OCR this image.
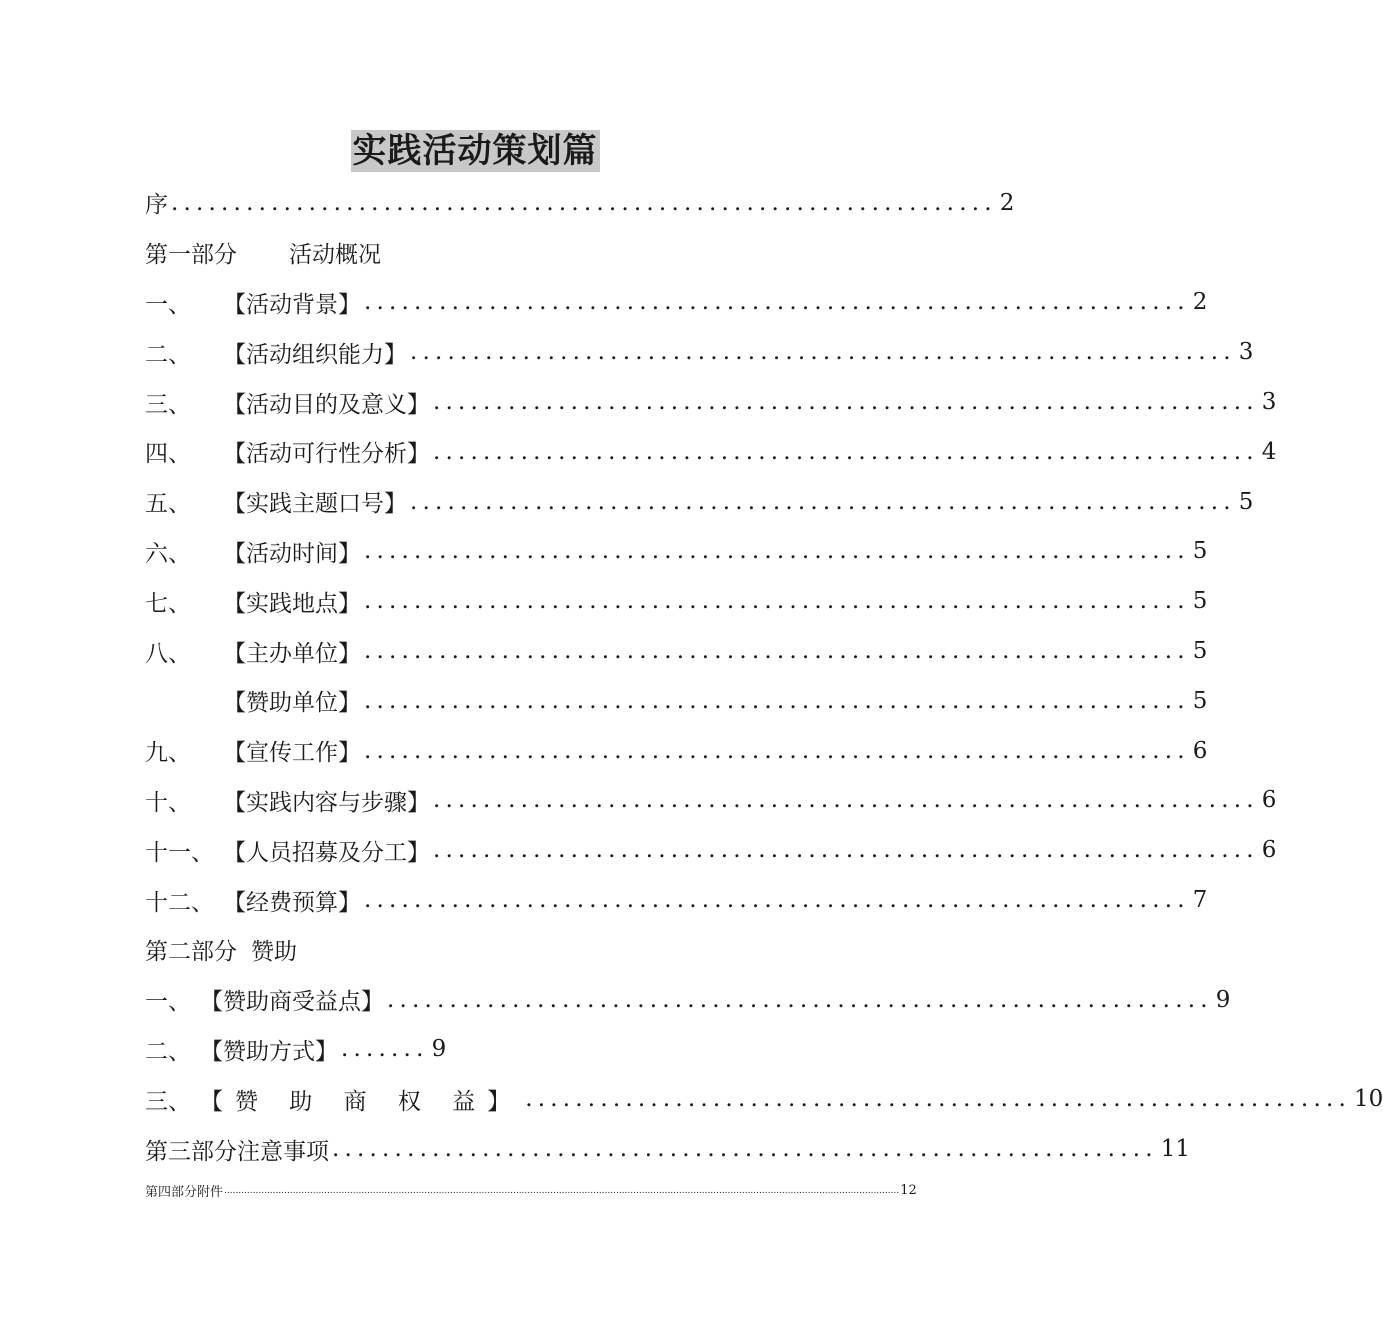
实践活动策划篇
序 .................................................................. 2
第一部分 活动概况
一、	【活动背景】 .................................................................. 2
二、	【活动组织能力】 .................................................................. 3
三、	【活动目的及意义】 .................................................................. 3
四、	【活动可行性分析】 .................................................................. 4
五、	【实践主题口号】 .................................................................. 5
六、	【活动时间】 .................................................................. 5
七、	【实践地点】 .................................................................. 5
八、	【主办单位】 .................................................................. 5
【赞助单位】 .................................................................. 5
九、	【宣传工作】 .................................................................. 6
十、	【实践内容与步骤】 .................................................................. 6
十一、 【人员招募及分工】 .................................................................. 6
十二、 【经费预算】 .................................................................. 7
第二部分 赞助
一、 【赞助商受益点】 .................................................................. 9
二、 【赞助方式】 ....... 9
三、 【赞 助 商 权 益】 .................................................................. 10
第三部分 注意事项 .................................................................. 11
第四部分 附件 ............................................................................................................................................................................................................................................ 12
